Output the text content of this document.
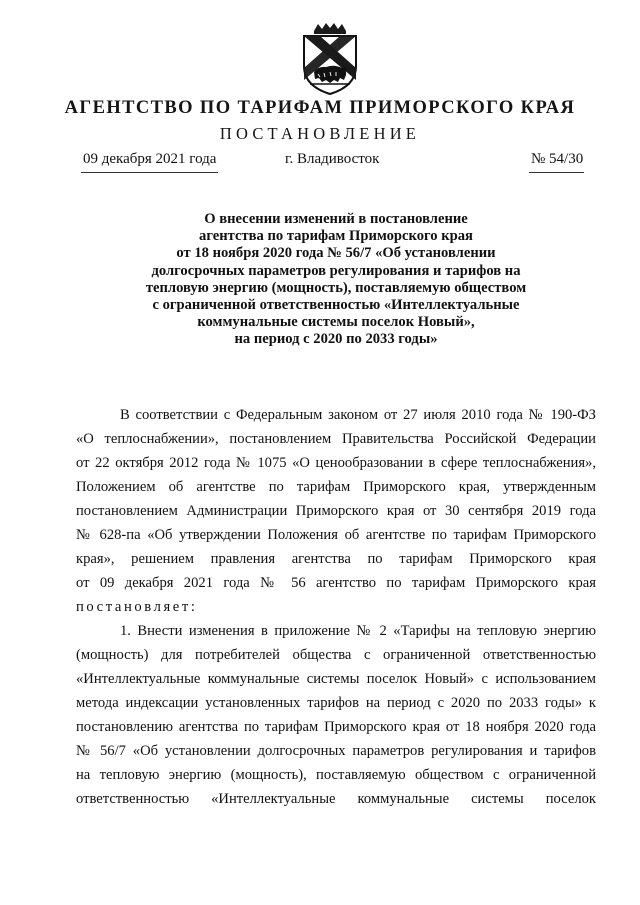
АГЕНТСТВО ПО ТАРИФАМ ПРИМОРСКОГО КРАЯ
ПОСТАНОВЛЕНИЕ
09 декабря 2021 года	г. Владивосток	№ 54/30
О внесении изменений в постановление
агентства по тарифам Приморского края
от 18 ноября 2020 года № 56/7 «Об установлении
долгосрочных параметров регулирования и тарифов на
тепловую энергию (мощность), поставляемую обществом
с ограниченной ответственностью «Интеллектуальные
коммунальные системы поселок Новый»,
на период с 2020 по 2033 годы»
В соответствии с Федеральным законом от 27 июля 2010 года № 190-ФЗ
«О теплоснабжении», постановлением Правительства Российской Федерации
от 22 октября 2012 года № 1075 «О ценообразовании в сфере теплоснабжения»,
Положением об агентстве по тарифам Приморского края, утвержденным
постановлением Администрации Приморского края от 30 сентября 2019 года
№ 628-па «Об утверждении Положения об агентстве по тарифам Приморского
края», решением правления агентства по тарифам Приморского края
от 09 декабря 2021 года № 56 агентство по тарифам Приморского края
постановляет:
1. Внести изменения в приложение № 2 «Тарифы на тепловую энергию
(мощность) для потребителей общества с ограниченной ответственностью
«Интеллектуальные коммунальные системы поселок Новый» с использованием
метода индексации установленных тарифов на период с 2020 по 2033 годы» к
постановлению агентства по тарифам Приморского края от 18 ноября 2020 года
№ 56/7 «Об установлении долгосрочных параметров регулирования и тарифов
на тепловую энергию (мощность), поставляемую обществом с ограниченной
ответственностью «Интеллектуальные коммунальные системы поселок
